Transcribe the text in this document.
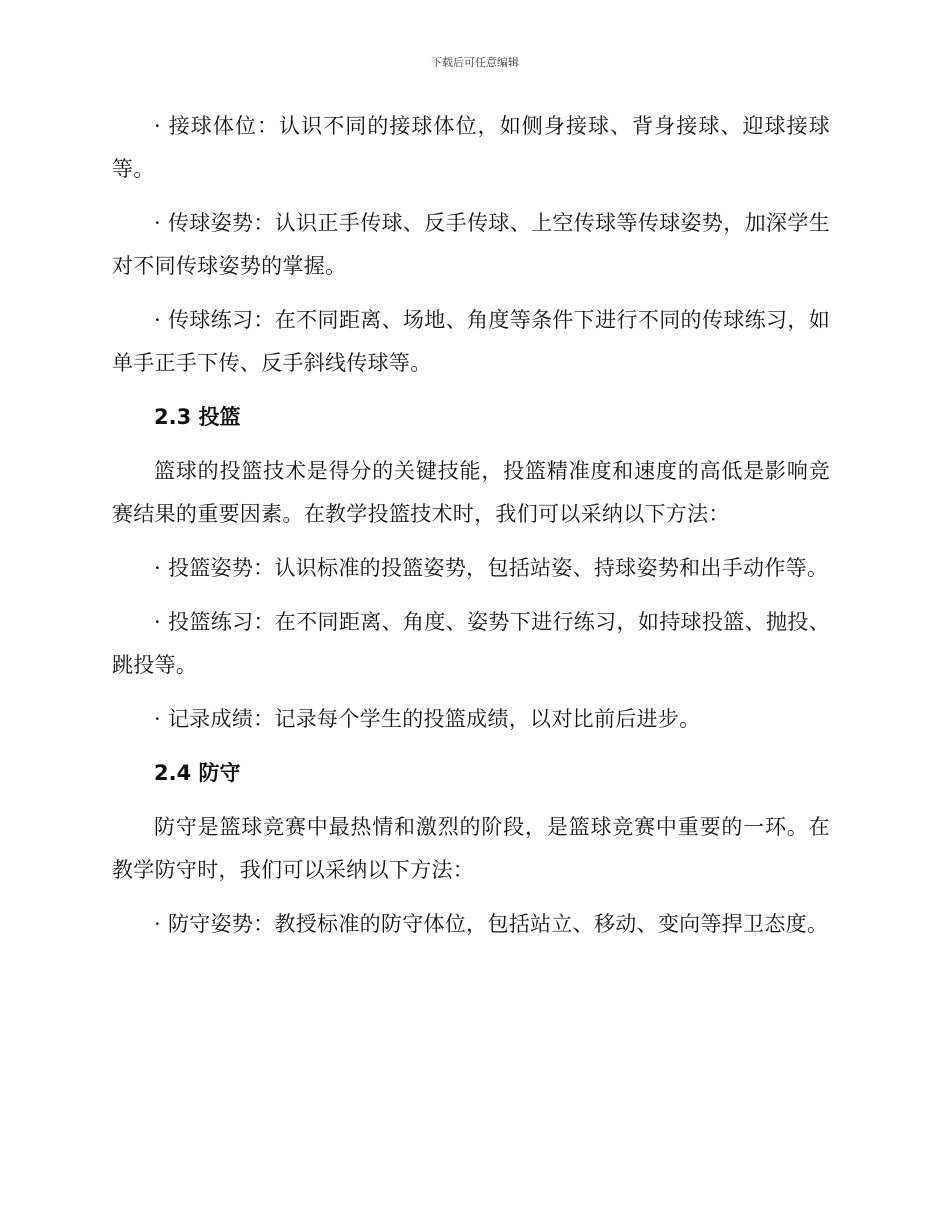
下载后可任意编辑

· 接球体位：认识不同的接球体位，如侧身接球、背身接球、迎球接球等。

· 传球姿势：认识正手传球、反手传球、上空传球等传球姿势，加深学生对不同传球姿势的掌握。

· 传球练习：在不同距离、场地、角度等条件下进行不同的传球练习，如单手正手下传、反手斜线传球等。

2.3 投篮

篮球的投篮技术是得分的关键技能，投篮精准度和速度的高低是影响竞赛结果的重要因素。在教学投篮技术时，我们可以采纳以下方法：

· 投篮姿势：认识标准的投篮姿势，包括站姿、持球姿势和出手动作等。

· 投篮练习：在不同距离、角度、姿势下进行练习，如持球投篮、抛投、跳投等。

· 记录成绩：记录每个学生的投篮成绩，以对比前后进步。

2.4 防守

防守是篮球竞赛中最热情和激烈的阶段，是篮球竞赛中重要的一环。在教学防守时，我们可以采纳以下方法：

· 防守姿势：教授标准的防守体位，包括站立、移动、变向等捍卫态度。
